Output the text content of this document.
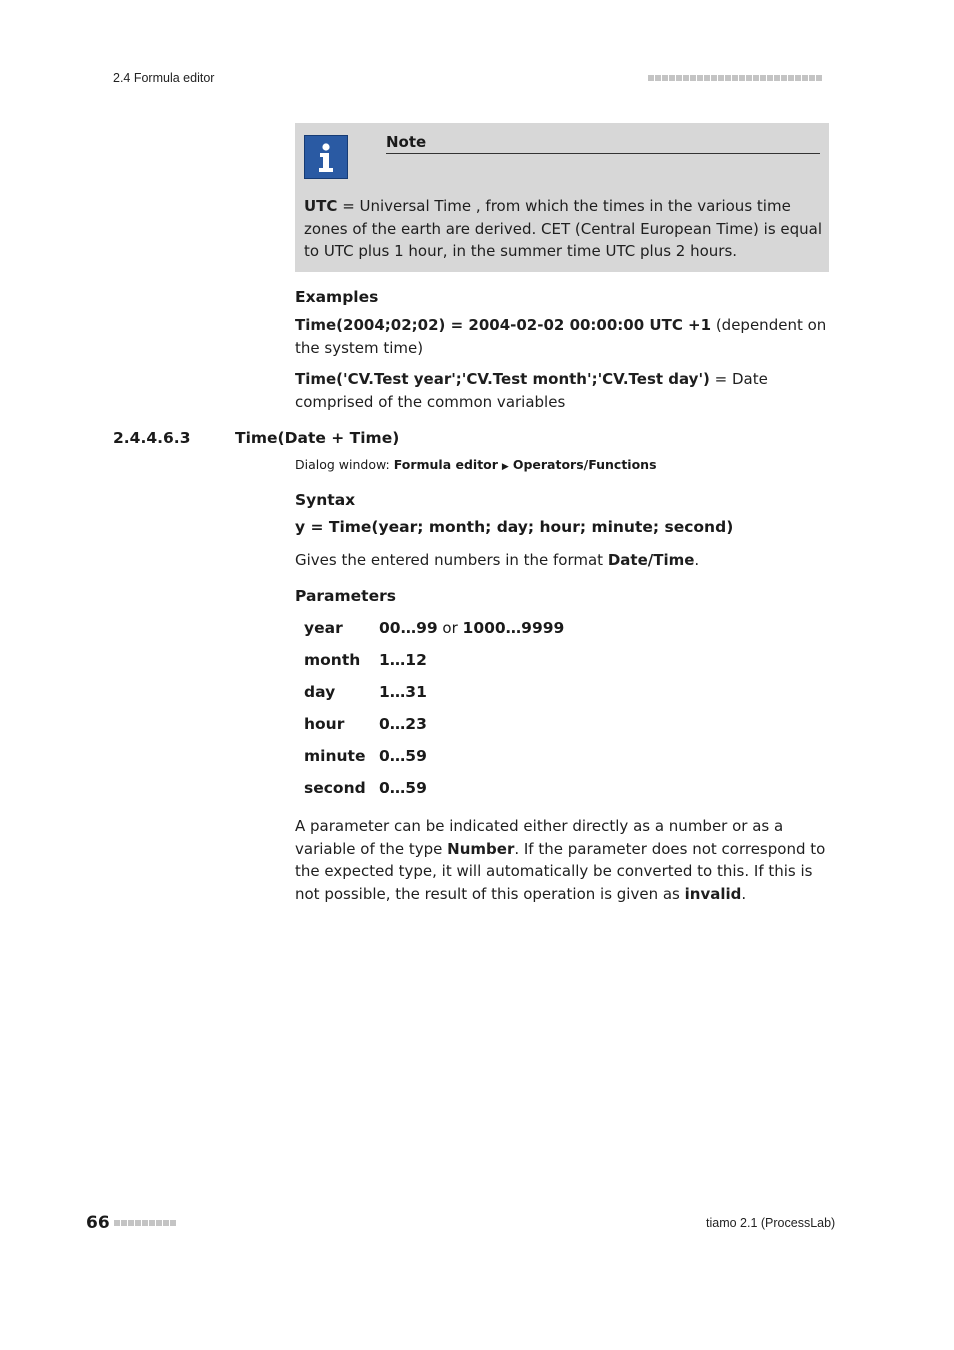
2.4 Formula editor
Note
UTC = Universal Time , from which the times in the various time zones of the earth are derived. CET (Central European Time) is equal to UTC plus 1 hour, in the summer time UTC plus 2 hours.
Examples
Time(2004;02;02) = 2004-02-02 00:00:00 UTC +1 (dependent on the system time)
Time('CV.Test year';'CV.Test month';'CV.Test day') = Date comprised of the common variables
2.4.4.6.3	Time(Date + Time)
Dialog window: Formula editor ▶ Operators/Functions
Syntax
y = Time(year; month; day; hour; minute; second)
Gives the entered numbers in the format Date/Time.
Parameters
year	00…99 or 1000…9999
month	1…12
day	1…31
hour	0…23
minute 0…59
second 0…59
A parameter can be indicated either directly as a number or as a variable of the type Number. If the parameter does not correspond to the expected type, it will automatically be converted to this. If this is not possible, the result of this operation is given as invalid.
66	tiamo 2.1 (ProcessLab)
